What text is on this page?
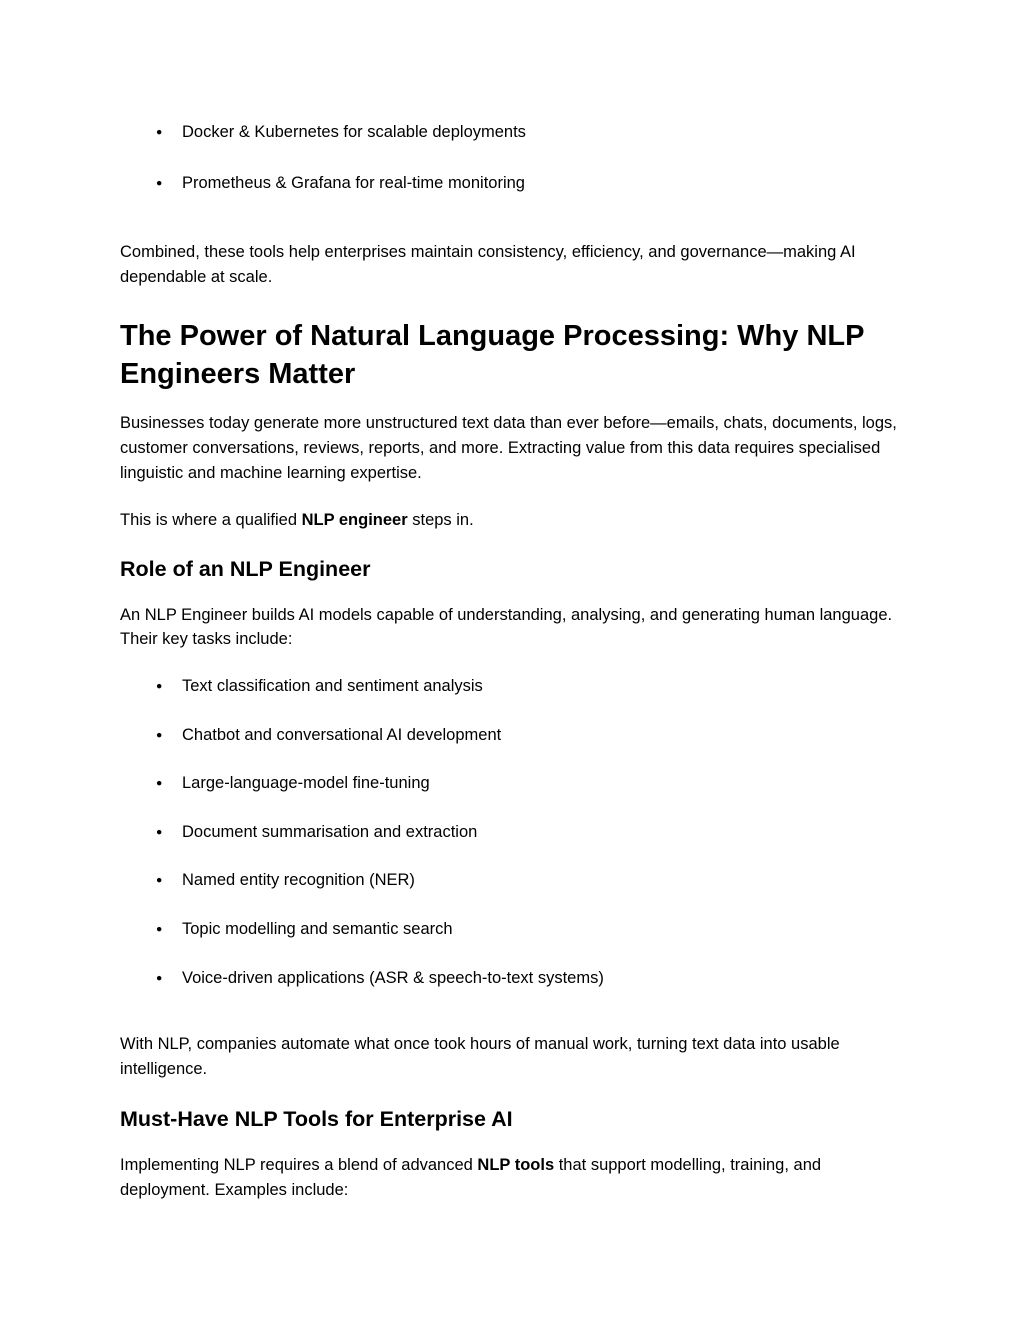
●
Docker & Kubernetes for scalable deployments
●
Prometheus & Grafana for real-time monitoring

Combined, these tools help enterprises maintain consistency, efficiency, and governance—making AI dependable at scale.

The Power of Natural Language Processing: Why NLP Engineers Matter

Businesses today generate more unstructured text data than ever before—emails, chats, documents, logs, customer conversations, reviews, reports, and more. Extracting value from this data requires specialised linguistic and machine learning expertise.

This is where a qualified NLP engineer steps in.

Role of an NLP Engineer

An NLP Engineer builds AI models capable of understanding, analysing, and generating human language. Their key tasks include:

●
Text classification and sentiment analysis
●
Chatbot and conversational AI development
●
Large-language-model fine-tuning
●
Document summarisation and extraction
●
Named entity recognition (NER)
●
Topic modelling and semantic search
●
Voice-driven applications (ASR & speech-to-text systems)

With NLP, companies automate what once took hours of manual work, turning text data into usable intelligence.

Must-Have NLP Tools for Enterprise AI

Implementing NLP requires a blend of advanced NLP tools that support modelling, training, and deployment. Examples include:
